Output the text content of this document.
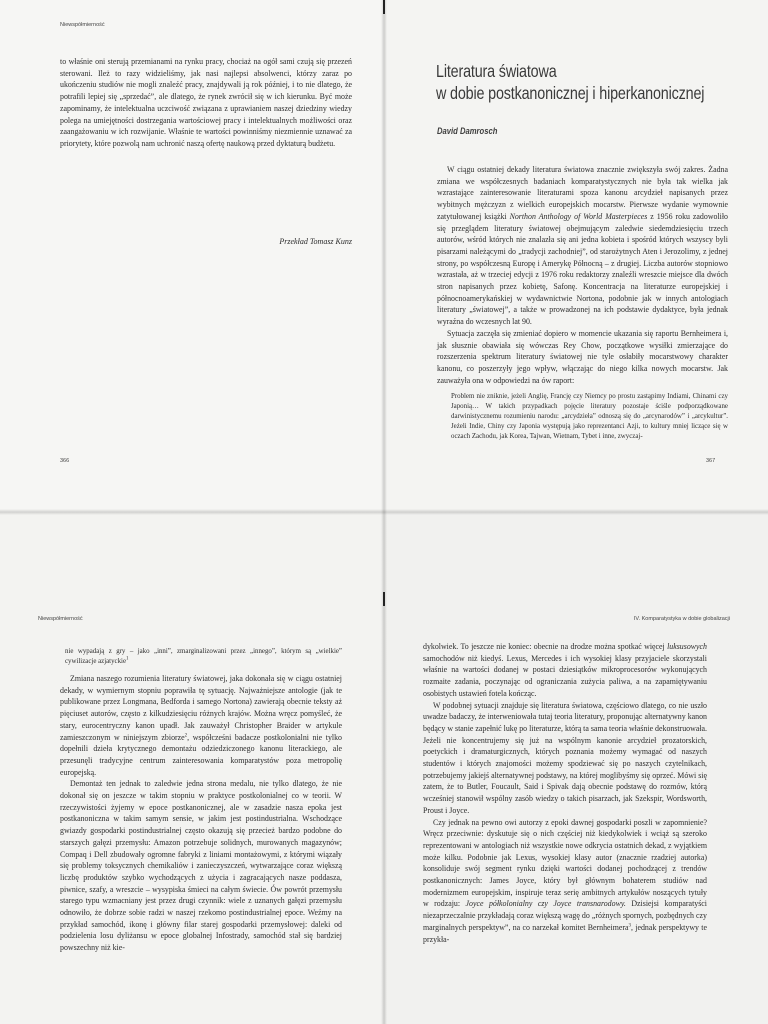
Niewspółmierność

to właśnie oni sterują przemianami na rynku pracy, chociaż na ogół sami czują się przezeń sterowani. Ileż to razy widzieliśmy, jak nasi najlepsi absolwenci, którzy zaraz po ukończeniu studiów nie mogli znaleźć pracy, znajdywali ją rok później, i to nie dlatego, że potrafili lepiej się „sprzedać”, ale dlatego, że rynek zwrócił się w ich kierunku. Być może zapominamy, że intelektualna uczciwość związana z uprawianiem naszej dziedziny wiedzy polega na umiejętności dostrzegania wartościowej pracy i intelektualnych możliwości oraz zaangażowaniu w ich rozwijanie. Właśnie te wartości powinniśmy niezmiennie uznawać za priorytety, które pozwolą nam uchronić naszą ofertę naukową przed dyktaturą budżetu.

Przekład Tomasz Kunz
366
Literatura światowa
w dobie postkanonicznej i hiperkanonicznej
David Damrosch

W ciągu ostatniej dekady literatura światowa znacznie zwiększyła swój zakres. Żadna zmiana we współczesnych badaniach komparatystycznych nie była tak wielka jak wzrastające zainteresowanie literaturami spoza kanonu arcydzieł napisanych przez wybitnych mężczyzn z wielkich europejskich mocarstw. Pierwsze wydanie wymownie zatytułowanej książki Northon Anthology of World Masterpieces z 1956 roku zadowoliło się przeglądem literatury światowej obejmującym zaledwie siedemdziesięciu trzech autorów, wśród których nie znalazła się ani jedna kobieta i spośród których wszyscy byli pisarzami należącymi do „tradycji zachodniej”, od starożytnych Aten i Jerozolimy, z jednej strony, po współczesną Europę i Amerykę Północną – z drugiej. Liczba autorów stopniowo wzrastała, aż w trzeciej edycji z 1976 roku redaktorzy znaleźli wreszcie miejsce dla dwóch stron napisanych przez kobietę, Safonę. Koncentracja na literaturze europejskiej i północnoamerykańskiej w wydawnictwie Nortona, podobnie jak w innych antologiach literatury „światowej”, a także w prowadzonej na ich podstawie dydaktyce, była jednak wyraźna do wczesnych lat 90.

Sytuacja zaczęła się zmieniać dopiero w momencie ukazania się raportu Bernheimera i, jak słusznie obawiała się wówczas Rey Chow, początkowe wysiłki zmierzające do rozszerzenia spektrum literatury światowej nie tyle osłabiły mocarstwowy charakter kanonu, co poszerzyły jego wpływ, włączając do niego kilka nowych mocarstw. Jak zauważyła ona w odpowiedzi na ów raport:

Problem nie zniknie, jeżeli Anglię, Francję czy Niemcy po prostu zastąpimy Indiami, Chinami czy Japonią… W takich przypadkach pojęcie literatury pozostaje ściśle podporządkowane darwinistycznemu rozumieniu narodu: „arcydzieła” odnoszą się do „arcynarodów” i „arcykultur”. Jeżeli Indie, Chiny czy Japonia występują jako reprezentanci Azji, to kultury mniej liczące się w oczach Zachodu, jak Korea, Tajwan, Wietnam, Tybet i inne, zwyczaj-

367
Niewspółmierność

nie wypadają z gry – jako „inni”, zmarginalizowani przez „innego”, którym są „wielkie” cywilizacje azjatyckie$^1$

Zmiana naszego rozumienia literatury światowej, jaka dokonała się w ciągu ostatniej dekady, w wymiernym stopniu poprawiła tę sytuację. Najważniejsze antologie (jak te publikowane przez Longmana, Bedforda i samego Nortona) zawierają obecnie teksty aż pięciuset autorów, często z kilkudziesięciu różnych krajów. Można wręcz pomyśleć, że stary, eurocentryczny kanon upadł. Jak zauważył Christopher Braider w artykule zamieszczonym w niniejszym zbiorze$^2$, współcześni badacze postkolonialni nie tylko dopełnili dzieła krytycznego demontażu odziedziczonego kanonu literackiego, ale przesunęli tradycyjne centrum zainteresowania komparatystów poza metropolię europejską.

Demontaż ten jednak to zaledwie jedna strona medalu, nie tylko dlatego, że nie dokonał się on jeszcze w takim stopniu w praktyce postkolonialnej co w teorii. W rzeczywistości żyjemy w epoce postkanonicznej, ale w zasadzie nasza epoka jest postkanoniczna w takim samym sensie, w jakim jest postindustrialna. Wschodzące gwiazdy gospodarki postindustrialnej często okazują się przecież bardzo podobne do starszych gałęzi przemysłu: Amazon potrzebuje solidnych, murowanych magazynów; Compaq i Dell zbudowały ogromne fabryki z liniami montażowymi, z którymi wiązały się problemy toksycznych chemikaliów i zanieczyszczeń, wytwarzające coraz większą liczbę produktów szybko wychodzących z użycia i zagracających nasze poddasza, piwnice, szafy, a wreszcie – wysypiska śmieci na całym świecie. Ów powrót przemysłu starego typu wzmacniany jest przez drugi czynnik: wiele z uznanych gałęzi przemysłu odnowiło, że dobrze sobie radzi w naszej rzekomo postindustrialnej epoce. Weźmy na przykład samochód, ikonę i główny filar starej gospodarki przemysłowej: daleki od podzielenia losu dyliżansu w epoce globalnej Infostrady, samochód stał się bardziej powszechny niż kie-

IV. Komparatystyka w dobie globalizacji

dykolwiek. To jeszcze nie koniec: obecnie na drodze można spotkać więcej luksusowych samochodów niż kiedyś. Lexus, Mercedes i ich wysokiej klasy przyjaciele skorzystali właśnie na wartości dodanej w postaci dziesiątków mikroprocesorów wykonujących rozmaite zadania, poczynając od ograniczania zużycia paliwa, a na zapamiętywaniu osobistych ustawień fotela kończąc.

W podobnej sytuacji znajduje się literatura światowa, częściowo dlatego, co nie uszło uwadze badaczy, że interweniowała tutaj teoria literatury, proponując alternatywny kanon będący w stanie zapełnić lukę po literaturze, którą ta sama teoria właśnie dekonstruowała. Jeżeli nie koncentrujemy się już na wspólnym kanonie arcydzieł prozatorskich, poetyckich i dramaturgicznych, których poznania możemy wymagać od naszych studentów i których znajomości możemy spodziewać się po naszych czytelnikach, potrzebujemy jakiejś alternatywnej podstawy, na której moglibyśmy się oprzeć. Mówi się zatem, że to Butler, Foucault, Said i Spivak dają obecnie podstawę do rozmów, którą wcześniej stanowił wspólny zasób wiedzy o takich pisarzach, jak Szekspir, Wordsworth, Proust i Joyce.

Czy jednak na pewno owi autorzy z epoki dawnej gospodarki poszli w zapomnienie? Wręcz przeciwnie: dyskutuje się o nich częściej niż kiedykolwiek i wciąż są szeroko reprezentowani w antologiach niż wszystkie nowe odkrycia ostatnich dekad, z wyjątkiem może kilku. Podobnie jak Lexus, wysokiej klasy autor (znacznie rzadziej autorka) konsoliduje swój segment rynku dzięki wartości dodanej pochodzącej z trendów postkanonicznych: James Joyce, który był głównym bohaterem studiów nad modernizmem europejskim, inspiruje teraz serię ambitnych artykułów noszących tytuły w rodzaju: Joyce półkolonialny czy Joyce transnarodowy. Dzisiejsi komparatyści niezaprzeczalnie przykładają coraz większą wagę do „różnych spornych, pozbędnych czy marginalnych perspektyw”, na co narzekał komitet Bernheimera$^3$, jednak perspektywy te przykła-
